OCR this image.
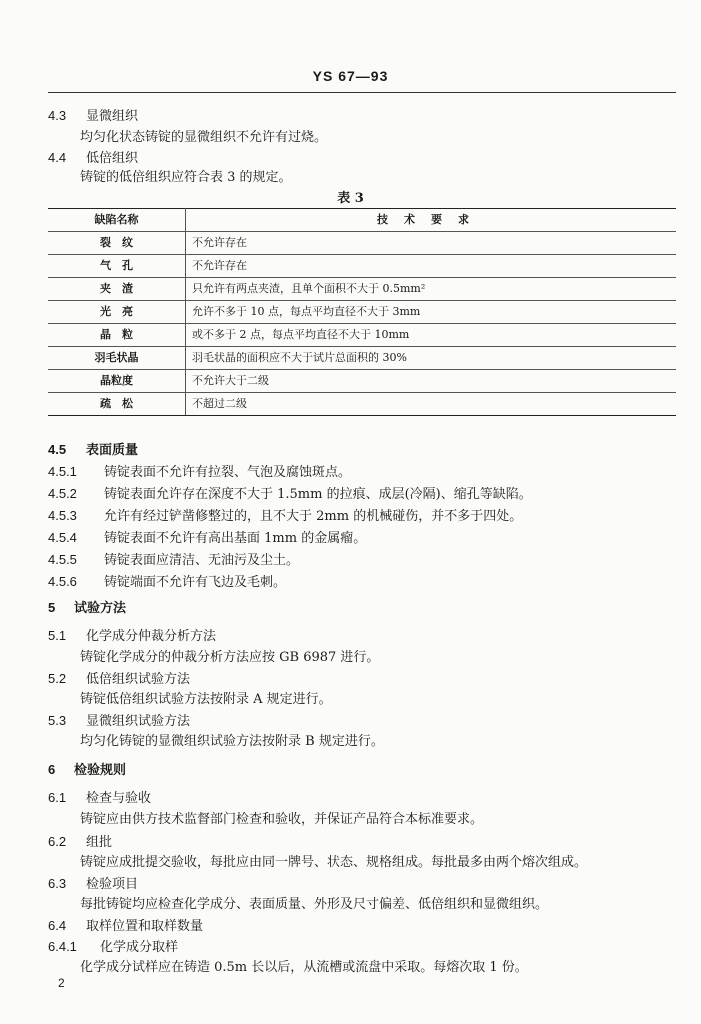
YS 67—93
4.3 显微组织
均匀化状态铸锭的显微组织不允许有过烧。
4.4 低倍组织
铸锭的低倍组织应符合表 3 的规定。
表 3
缺陷名称	技术要求
裂　纹	不允许存在
气　孔	不允许存在
夹　渣	只允许有两点夹渣，且单个面积不大于 0.5mm²
光　亮	允许不多于 10 点，每点平均直径不大于 3mm
晶　粒	或不多于 2 点，每点平均直径不大于 10mm
羽毛状晶	羽毛状晶的面积应不大于试片总面积的 30%
晶粒度	不允许大于二级
疏　松	不超过二级
4.5 表面质量
4.5.1 铸锭表面不允许有拉裂、气泡及腐蚀斑点。
4.5.2 铸锭表面允许存在深度不大于 1.5mm 的拉痕、成层(冷隔)、缩孔等缺陷。
4.5.3 允许有经过铲凿修整过的，且不大于 2mm 的机械碰伤，并不多于四处。
4.5.4 铸锭表面不允许有高出基面 1mm 的金属瘤。
4.5.5 铸锭表面应清洁、无油污及尘土。
4.5.6 铸锭端面不允许有飞边及毛刺。
5 试验方法
5.1 化学成分仲裁分析方法
铸锭化学成分的仲裁分析方法应按 GB 6987 进行。
5.2 低倍组织试验方法
铸锭低倍组织试验方法按附录 A 规定进行。
5.3 显微组织试验方法
均匀化铸锭的显微组织试验方法按附录 B 规定进行。
6 检验规则
6.1 检查与验收
铸锭应由供方技术监督部门检查和验收，并保证产品符合本标准要求。
6.2 组批
铸锭应成批提交验收，每批应由同一牌号、状态、规格组成。每批最多由两个熔次组成。
6.3 检验项目
每批铸锭均应检查化学成分、表面质量、外形及尺寸偏差、低倍组织和显微组织。
6.4 取样位置和取样数量
6.4.1 化学成分取样
化学成分试样应在铸造 0.5m 长以后，从流槽或流盘中采取。每熔次取 1 份。
2
